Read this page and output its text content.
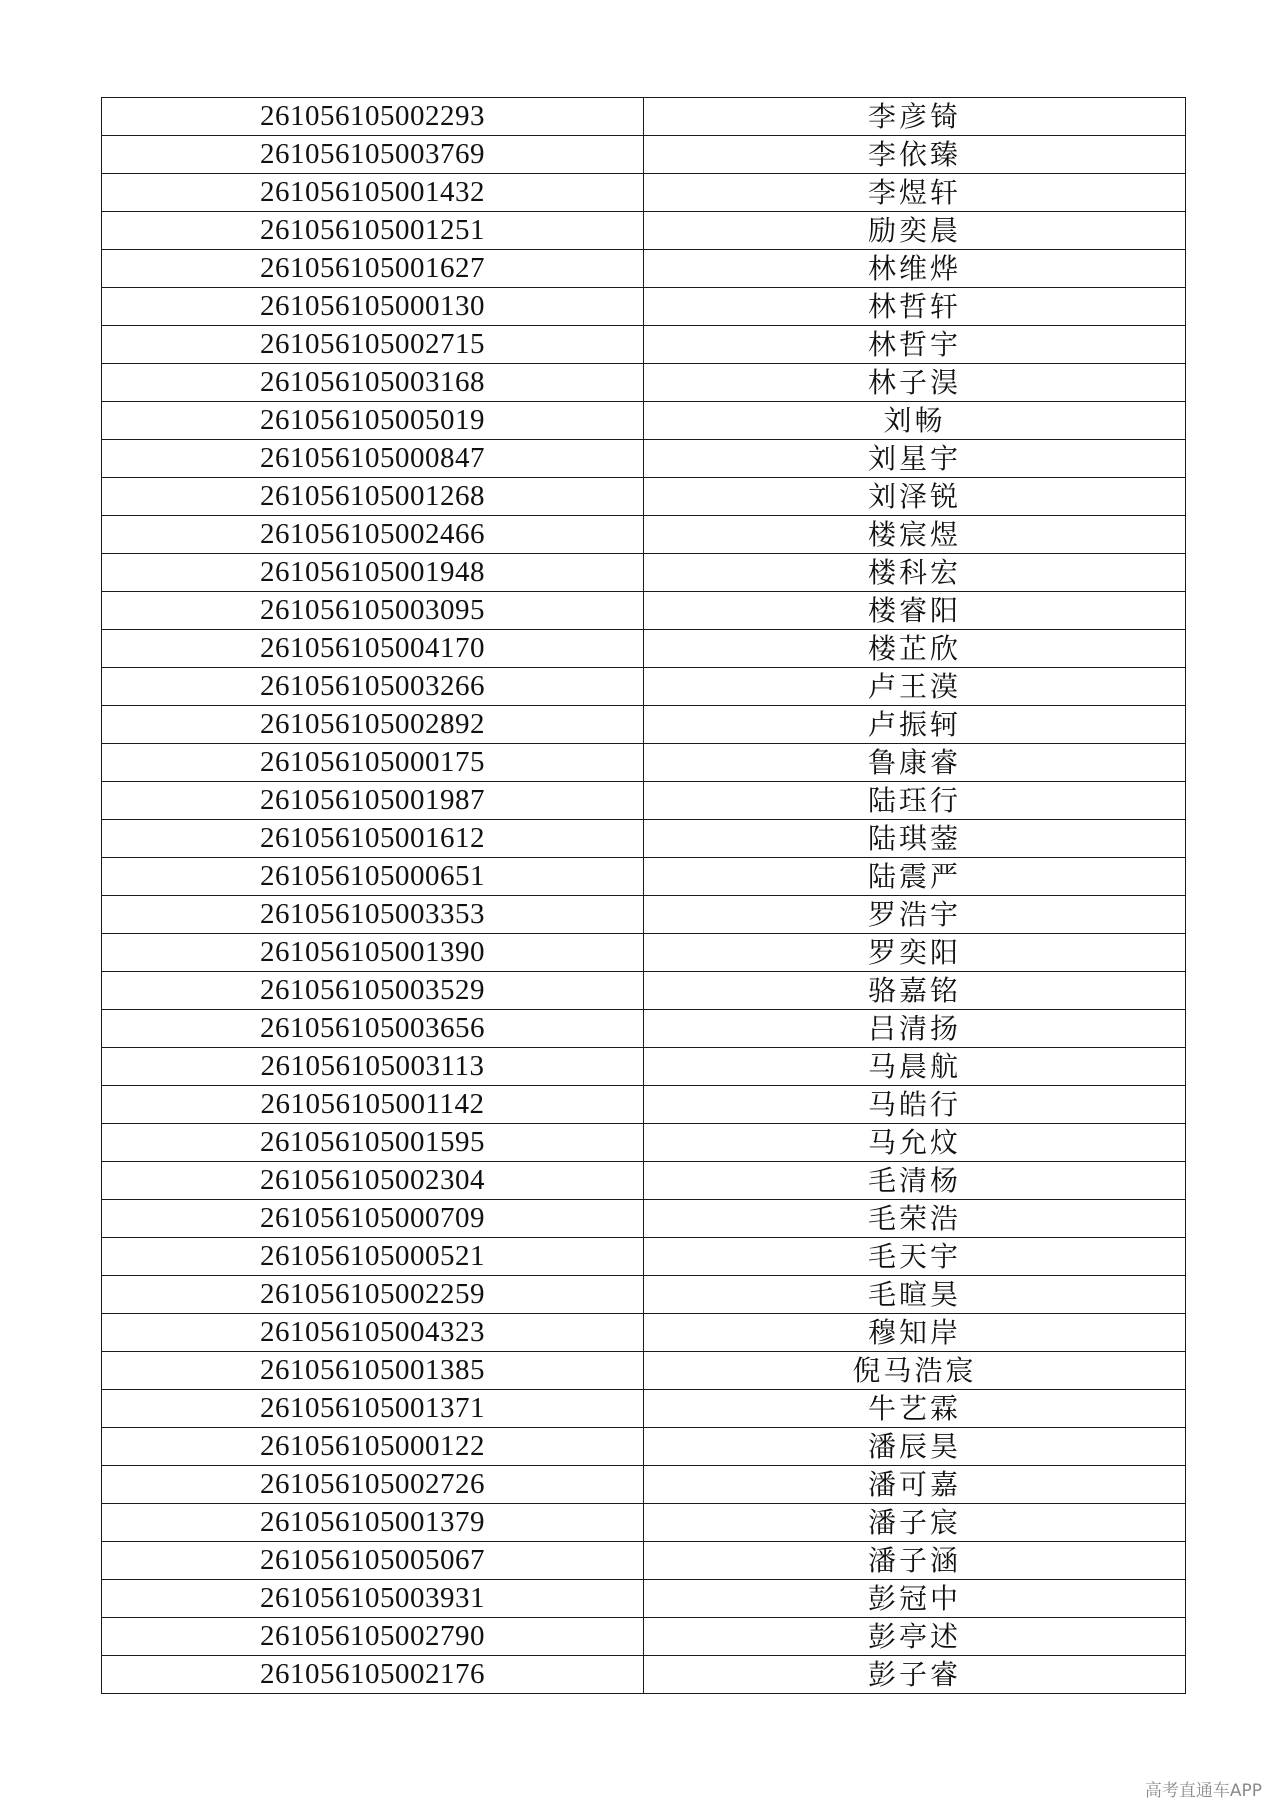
261056105002293	李彦锜
261056105003769	李依臻
261056105001432	李煜轩
261056105001251	励奕晨
261056105001627	林维烨
261056105000130	林哲轩
261056105002715	林哲宇
261056105003168	林子淏
261056105005019	刘畅
261056105000847	刘星宇
261056105001268	刘泽锐
261056105002466	楼宸煜
261056105001948	楼科宏
261056105003095	楼睿阳
261056105004170	楼芷欣
261056105003266	卢王漠
261056105002892	卢振轲
261056105000175	鲁康睿
261056105001987	陆珏行
261056105001612	陆琪蓥
261056105000651	陆震严
261056105003353	罗浩宇
261056105001390	罗奕阳
261056105003529	骆嘉铭
261056105003656	吕清扬
261056105003113	马晨航
261056105001142	马皓行
261056105001595	马允炆
261056105002304	毛清杨
261056105000709	毛荣浩
261056105000521	毛天宇
261056105002259	毛暄昊
261056105004323	穆知岸
261056105001385	倪马浩宸
261056105001371	牛艺霖
261056105000122	潘辰昊
261056105002726	潘可嘉
261056105001379	潘子宸
261056105005067	潘子涵
261056105003931	彭冠中
261056105002790	彭亭述
261056105002176	彭子睿
高考直通车APP
